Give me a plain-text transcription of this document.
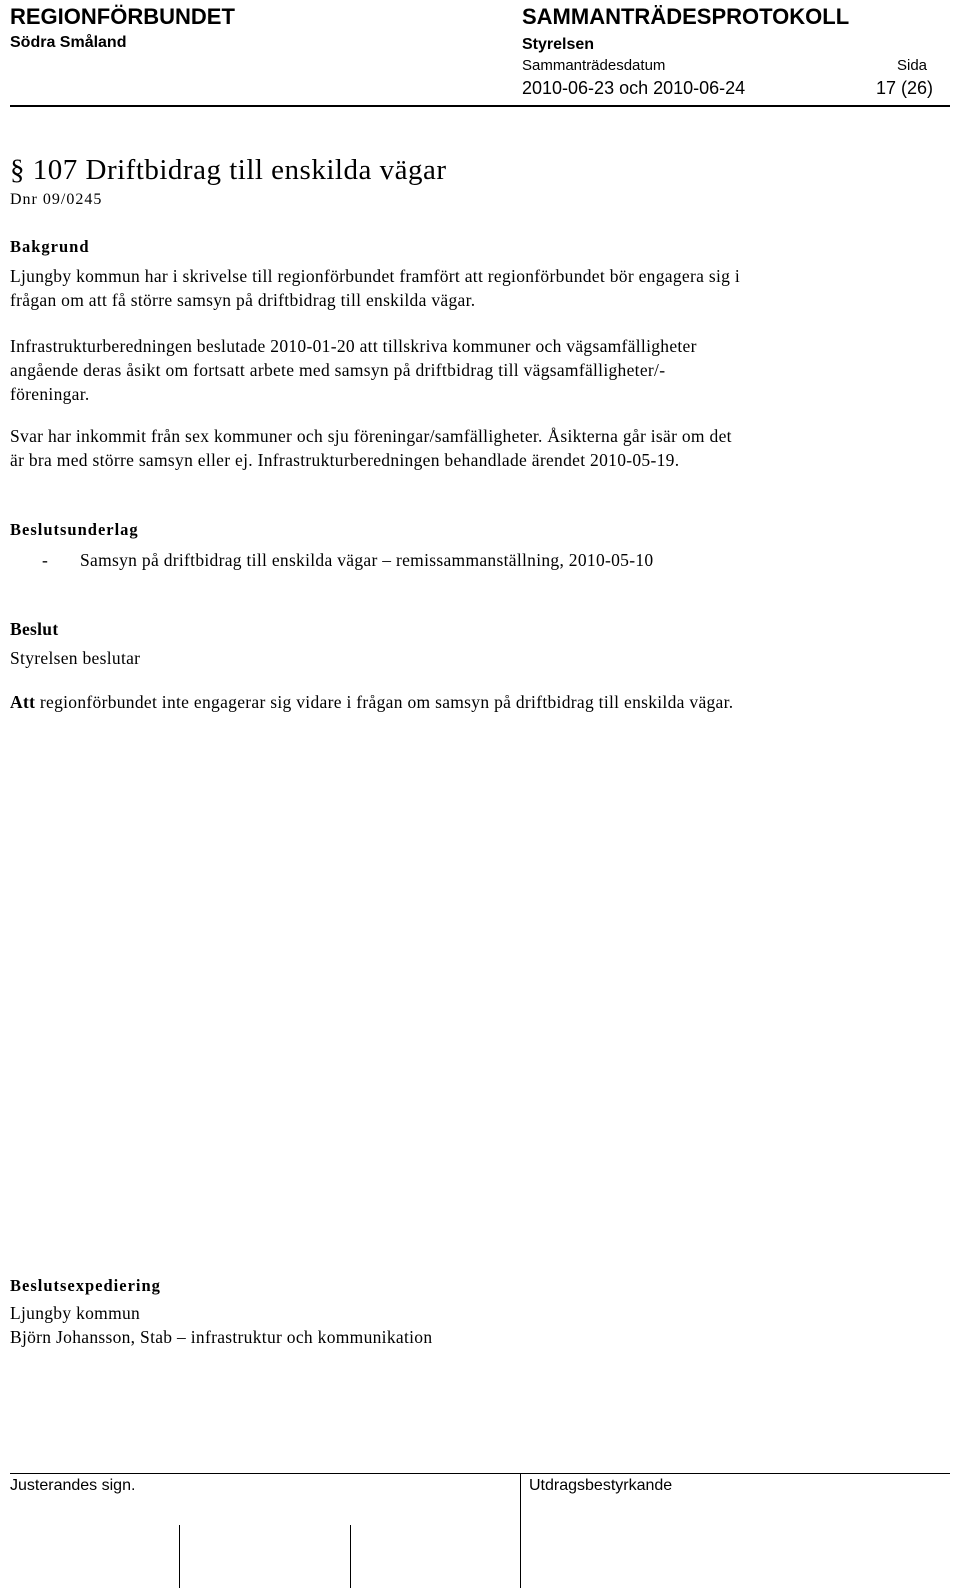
REGIONFÖRBUNDET
Södra Småland
SAMMANTRÄDESPROTOKOLL
Styrelsen
Sammanträdesdatum	Sida
2010-06-23 och 2010-06-24	17 (26)
§ 107 Driftbidrag till enskilda vägar
Dnr 09/0245
Bakgrund
Ljungby kommun har i skrivelse till regionförbundet framfört att regionförbundet bör engagera sig i
frågan om att få större samsyn på driftbidrag till enskilda vägar.
Infrastrukturberedningen beslutade 2010-01-20 att tillskriva kommuner och vägsamfälligheter
angående deras åsikt om fortsatt arbete med samsyn på driftbidrag till vägsamfälligheter/-
föreningar.
Svar har inkommit från sex kommuner och sju föreningar/samfälligheter. Åsikterna går isär om det
är bra med större samsyn eller ej. Infrastrukturberedningen behandlade ärendet 2010-05-19.
Beslutsunderlag
- Samsyn på driftbidrag till enskilda vägar – remissammanställning, 2010-05-10
Beslut
Styrelsen beslutar
Att regionförbundet inte engagerar sig vidare i frågan om samsyn på driftbidrag till enskilda vägar.
Beslutsexpediering
Ljungby kommun
Björn Johansson, Stab – infrastruktur och kommunikation
Justerandes sign.	Utdragsbestyrkande
